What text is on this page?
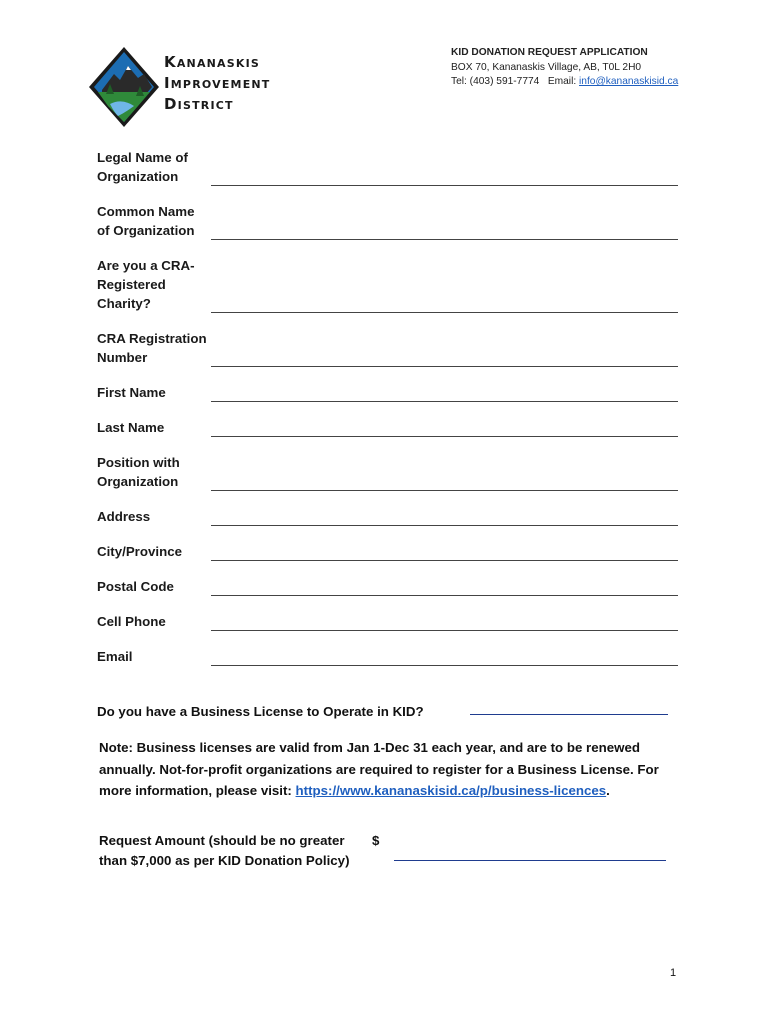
Kananaskis
Improvement
District
KID DONATION REQUEST APPLICATION
BOX 70, Kananaskis Village, AB, T0L 2H0
Tel: (403) 591-7774 Email: info@kananaskisid.ca
Legal Name of Organization
Common Name of Organization
Are you a CRA-Registered Charity?
CRA Registration Number
First Name
Last Name
Position with Organization
Address
City/Province
Postal Code
Cell Phone
Email
Do you have a Business License to Operate in KID?
Note: Business licenses are valid from Jan 1-Dec 31 each year, and are to be renewed annually. Not-for-profit organizations are required to register for a Business License. For more information, please visit: https://www.kananaskisid.ca/p/business-licences.
Request Amount (should be no greater than $7,000 as per KID Donation Policy)
$
1
